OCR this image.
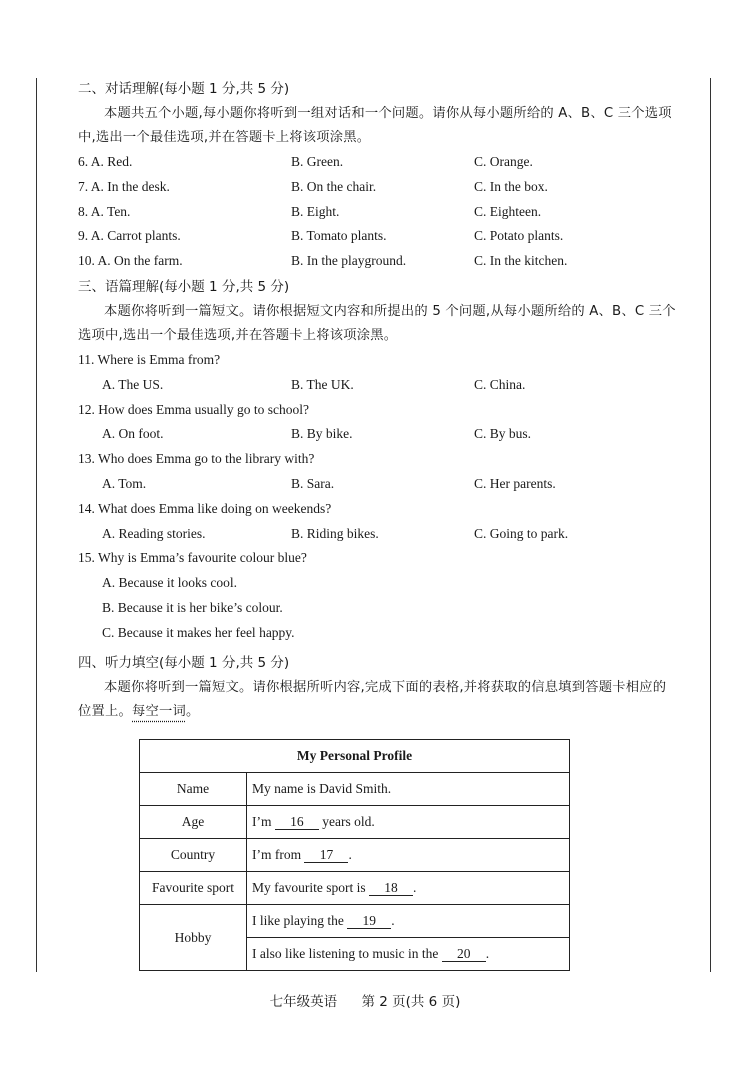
二、对话理解(每小题 1 分,共 5 分)

本题共五个小题,每小题你将听到一组对话和一个问题。请你从每小题所给的 A、B、C 三个选项中,选出一个最佳选项,并在答题卡上将该项涂黑。

6. A. Red.	B. Green.	C. Orange.
7. A. In the desk.	B. On the chair.	C. In the box.
8. A. Ten.	B. Eight.	C. Eighteen.
9. A. Carrot plants.	B. Tomato plants.	C. Potato plants.
10. A. On the farm.	B. In the playground.	C. In the kitchen.

三、语篇理解(每小题 1 分,共 5 分)

本题你将听到一篇短文。请你根据短文内容和所提出的 5 个问题,从每小题所给的 A、B、C 三个选项中,选出一个最佳选项,并在答题卡上将该项涂黑。

11. Where is Emma from?
A. The US.	B. The UK.	C. China.
12. How does Emma usually go to school?
A. On foot.	B. By bike.	C. By bus.
13. Who does Emma go to the library with?
A. Tom.	B. Sara.	C. Her parents.
14. What does Emma like doing on weekends?
A. Reading stories.	B. Riding bikes.	C. Going to park.
15. Why is Emma’s favourite colour blue?
A. Because it looks cool.
B. Because it is her bike’s colour.
C. Because it makes her feel happy.

四、听力填空(每小题 1 分,共 5 分)

本题你将听到一篇短文。请你根据所听内容,完成下面的表格,并将获取的信息填到答题卡相应的位置上。每空一词。

My Personal Profile	
Name	My name is David Smith.
Age	I’m 16 years old.
Country	I’m from 17 .
Favourite sport	My favourite sport is 18 .
Hobby	I like playing the 19 .
	I also like listening to music in the 20 .
七年级英语 第 2 页(共 6 页)
